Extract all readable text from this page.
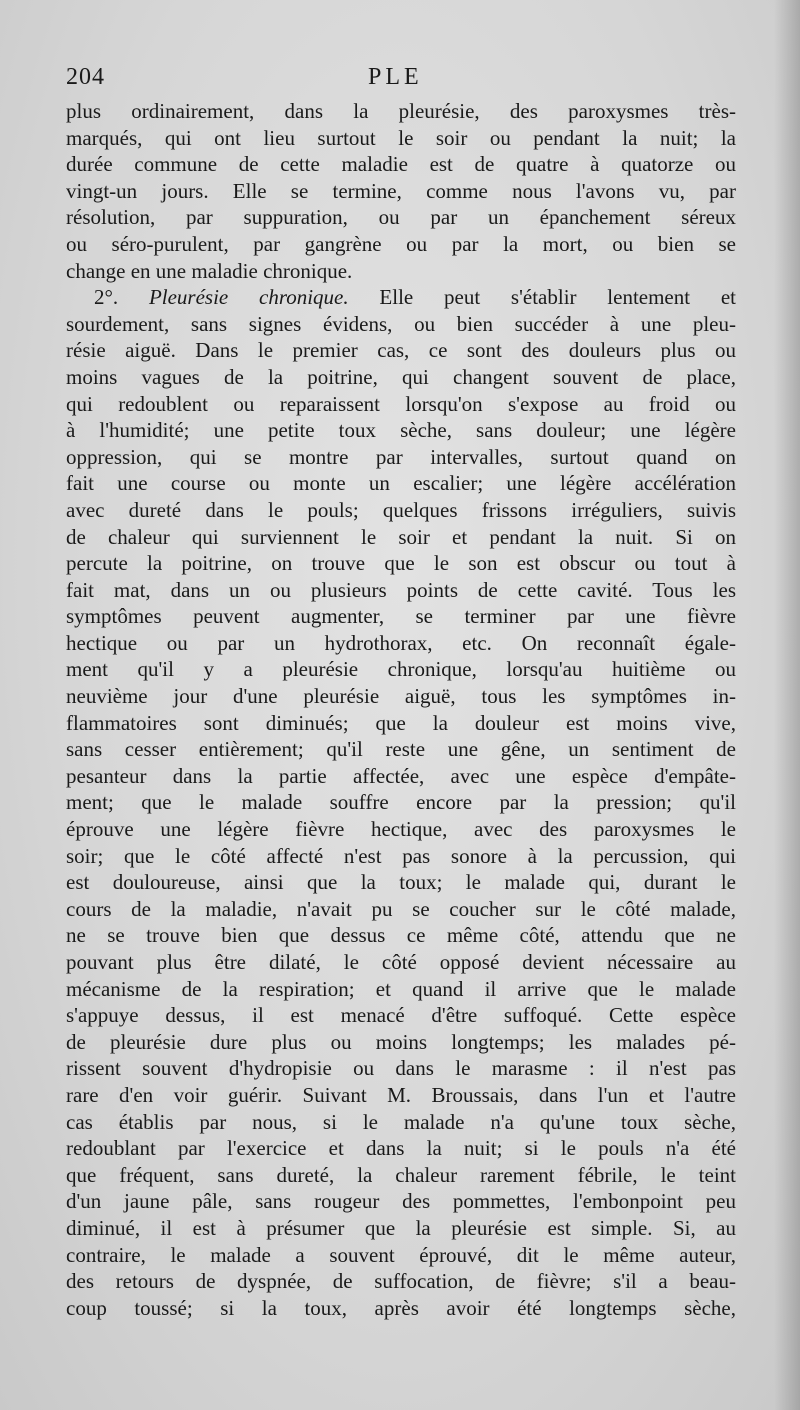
204	PLE
plus ordinairement, dans la pleurésie, des paroxysmes très-
marqués, qui ont lieu surtout le soir ou pendant la nuit; la
durée commune de cette maladie est de quatre à quatorze ou
vingt-un jours. Elle se termine, comme nous l'avons vu, par
résolution, par suppuration, ou par un épanchement séreux
ou séro-purulent, par gangrène ou par la mort, ou bien se
change en une maladie chronique.
2°. Pleurésie chronique. Elle peut s'établir lentement et
sourdement, sans signes évidens, ou bien succéder à une pleu-
résie aiguë. Dans le premier cas, ce sont des douleurs plus ou
moins vagues de la poitrine, qui changent souvent de place,
qui redoublent ou reparaissent lorsqu'on s'expose au froid ou
à l'humidité; une petite toux sèche, sans douleur; une légère
oppression, qui se montre par intervalles, surtout quand on
fait une course ou monte un escalier; une légère accélération
avec dureté dans le pouls; quelques frissons irréguliers, suivis
de chaleur qui surviennent le soir et pendant la nuit. Si on
percute la poitrine, on trouve que le son est obscur ou tout à
fait mat, dans un ou plusieurs points de cette cavité. Tous les
symptômes peuvent augmenter, se terminer par une fièvre
hectique ou par un hydrothorax, etc. On reconnaît égale-
ment qu'il y a pleurésie chronique, lorsqu'au huitième ou
neuvième jour d'une pleurésie aiguë, tous les symptômes in-
flammatoires sont diminués; que la douleur est moins vive,
sans cesser entièrement; qu'il reste une gêne, un sentiment de
pesanteur dans la partie affectée, avec une espèce d'empâte-
ment; que le malade souffre encore par la pression; qu'il
éprouve une légère fièvre hectique, avec des paroxysmes le
soir; que le côté affecté n'est pas sonore à la percussion, qui
est douloureuse, ainsi que la toux; le malade qui, durant le
cours de la maladie, n'avait pu se coucher sur le côté malade,
ne se trouve bien que dessus ce même côté, attendu que ne
pouvant plus être dilaté, le côté opposé devient nécessaire au
mécanisme de la respiration; et quand il arrive que le malade
s'appuye dessus, il est menacé d'être suffoqué. Cette espèce
de pleurésie dure plus ou moins longtemps; les malades pé-
rissent souvent d'hydropisie ou dans le marasme : il n'est pas
rare d'en voir guérir. Suivant M. Broussais, dans l'un et l'autre
cas établis par nous, si le malade n'a qu'une toux sèche,
redoublant par l'exercice et dans la nuit; si le pouls n'a été
que fréquent, sans dureté, la chaleur rarement fébrile, le teint
d'un jaune pâle, sans rougeur des pommettes, l'embonpoint peu
diminué, il est à présumer que la pleurésie est simple. Si, au
contraire, le malade a souvent éprouvé, dit le même auteur,
des retours de dyspnée, de suffocation, de fièvre; s'il a beau-
coup toussé; si la toux, après avoir été longtemps sèche,
